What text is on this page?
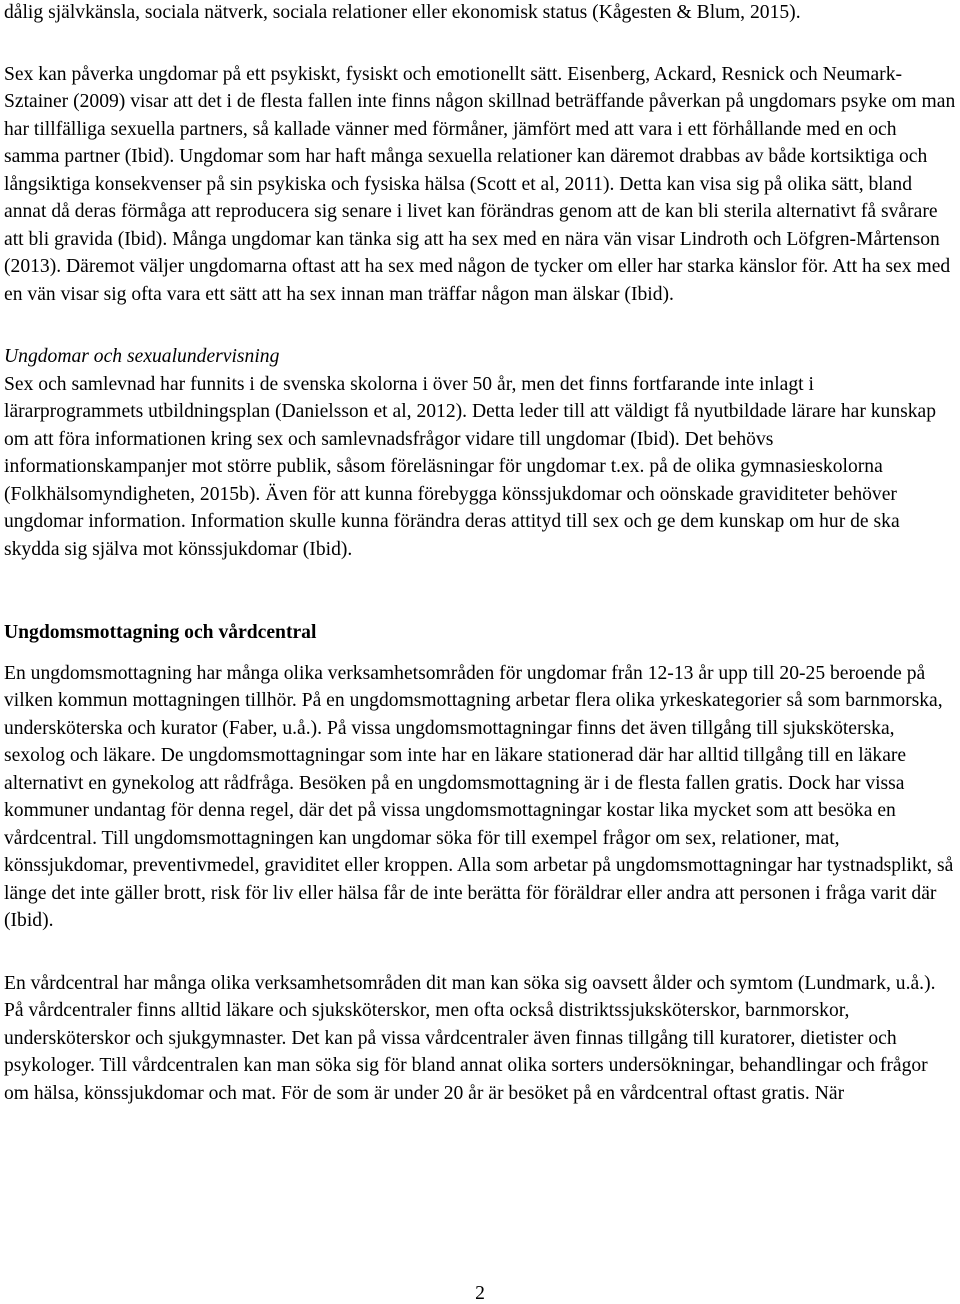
dålig självkänsla, sociala nätverk, sociala relationer eller ekonomisk status (Kågesten & Blum, 2015).

Sex kan påverka ungdomar på ett psykiskt, fysiskt och emotionellt sätt. Eisenberg, Ackard, Resnick och Neumark-Sztainer (2009) visar att det i de flesta fallen inte finns någon skillnad beträffande påverkan på ungdomars psyke om man har tillfälliga sexuella partners, så kallade vänner med förmåner, jämfört med att vara i ett förhållande med en och samma partner (Ibid). Ungdomar som har haft många sexuella relationer kan däremot drabbas av både kortsiktiga och långsiktiga konsekvenser på sin psykiska och fysiska hälsa (Scott et al, 2011). Detta kan visa sig på olika sätt, bland annat då deras förmåga att reproducera sig senare i livet kan förändras genom att de kan bli sterila alternativt få svårare att bli gravida (Ibid). Många ungdomar kan tänka sig att ha sex med en nära vän visar Lindroth och Löfgren-Mårtenson (2013). Däremot väljer ungdomarna oftast att ha sex med någon de tycker om eller har starka känslor för. Att ha sex med en vän visar sig ofta vara ett sätt att ha sex innan man träffar någon man älskar (Ibid).

Ungdomar och sexualundervisning

Sex och samlevnad har funnits i de svenska skolorna i över 50 år, men det finns fortfarande inte inlagt i lärarprogrammets utbildningsplan (Danielsson et al, 2012). Detta leder till att väldigt få nyutbildade lärare har kunskap om att föra informationen kring sex och samlevnadsfrågor vidare till ungdomar (Ibid). Det behövs informationskampanjer mot större publik, såsom föreläsningar för ungdomar t.ex. på de olika gymnasieskolorna (Folkhälsomyndigheten, 2015b). Även för att kunna förebygga könssjukdomar och oönskade graviditeter behöver ungdomar information. Information skulle kunna förändra deras attityd till sex och ge dem kunskap om hur de ska skydda sig själva mot könssjukdomar (Ibid).

Ungdomsmottagning och vårdcentral

En ungdomsmottagning har många olika verksamhetsområden för ungdomar från 12-13 år upp till 20-25 beroende på vilken kommun mottagningen tillhör. På en ungdomsmottagning arbetar flera olika yrkeskategorier så som barnmorska, undersköterska och kurator (Faber, u.å.). På vissa ungdomsmottagningar finns det även tillgång till sjuksköterska, sexolog och läkare. De ungdomsmottagningar som inte har en läkare stationerad där har alltid tillgång till en läkare alternativt en gynekolog att rådfråga. Besöken på en ungdomsmottagning är i de flesta fallen gratis. Dock har vissa kommuner undantag för denna regel, där det på vissa ungdomsmottagningar kostar lika mycket som att besöka en vårdcentral. Till ungdomsmottagningen kan ungdomar söka för till exempel frågor om sex, relationer, mat, könssjukdomar, preventivmedel, graviditet eller kroppen. Alla som arbetar på ungdomsmottagningar har tystnadsplikt, så länge det inte gäller brott, risk för liv eller hälsa får de inte berätta för föräldrar eller andra att personen i fråga varit där (Ibid).

En vårdcentral har många olika verksamhetsområden dit man kan söka sig oavsett ålder och symtom (Lundmark, u.å.). På vårdcentraler finns alltid läkare och sjuksköterskor, men ofta också distriktssjuksköterskor, barnmorskor, undersköterskor och sjukgymnaster. Det kan på vissa vårdcentraler även finnas tillgång till kuratorer, dietister och psykologer. Till vårdcentralen kan man söka sig för bland annat olika sorters undersökningar, behandlingar och frågor om hälsa, könssjukdomar och mat. För de som är under 20 år är besöket på en vårdcentral oftast gratis. När

2
